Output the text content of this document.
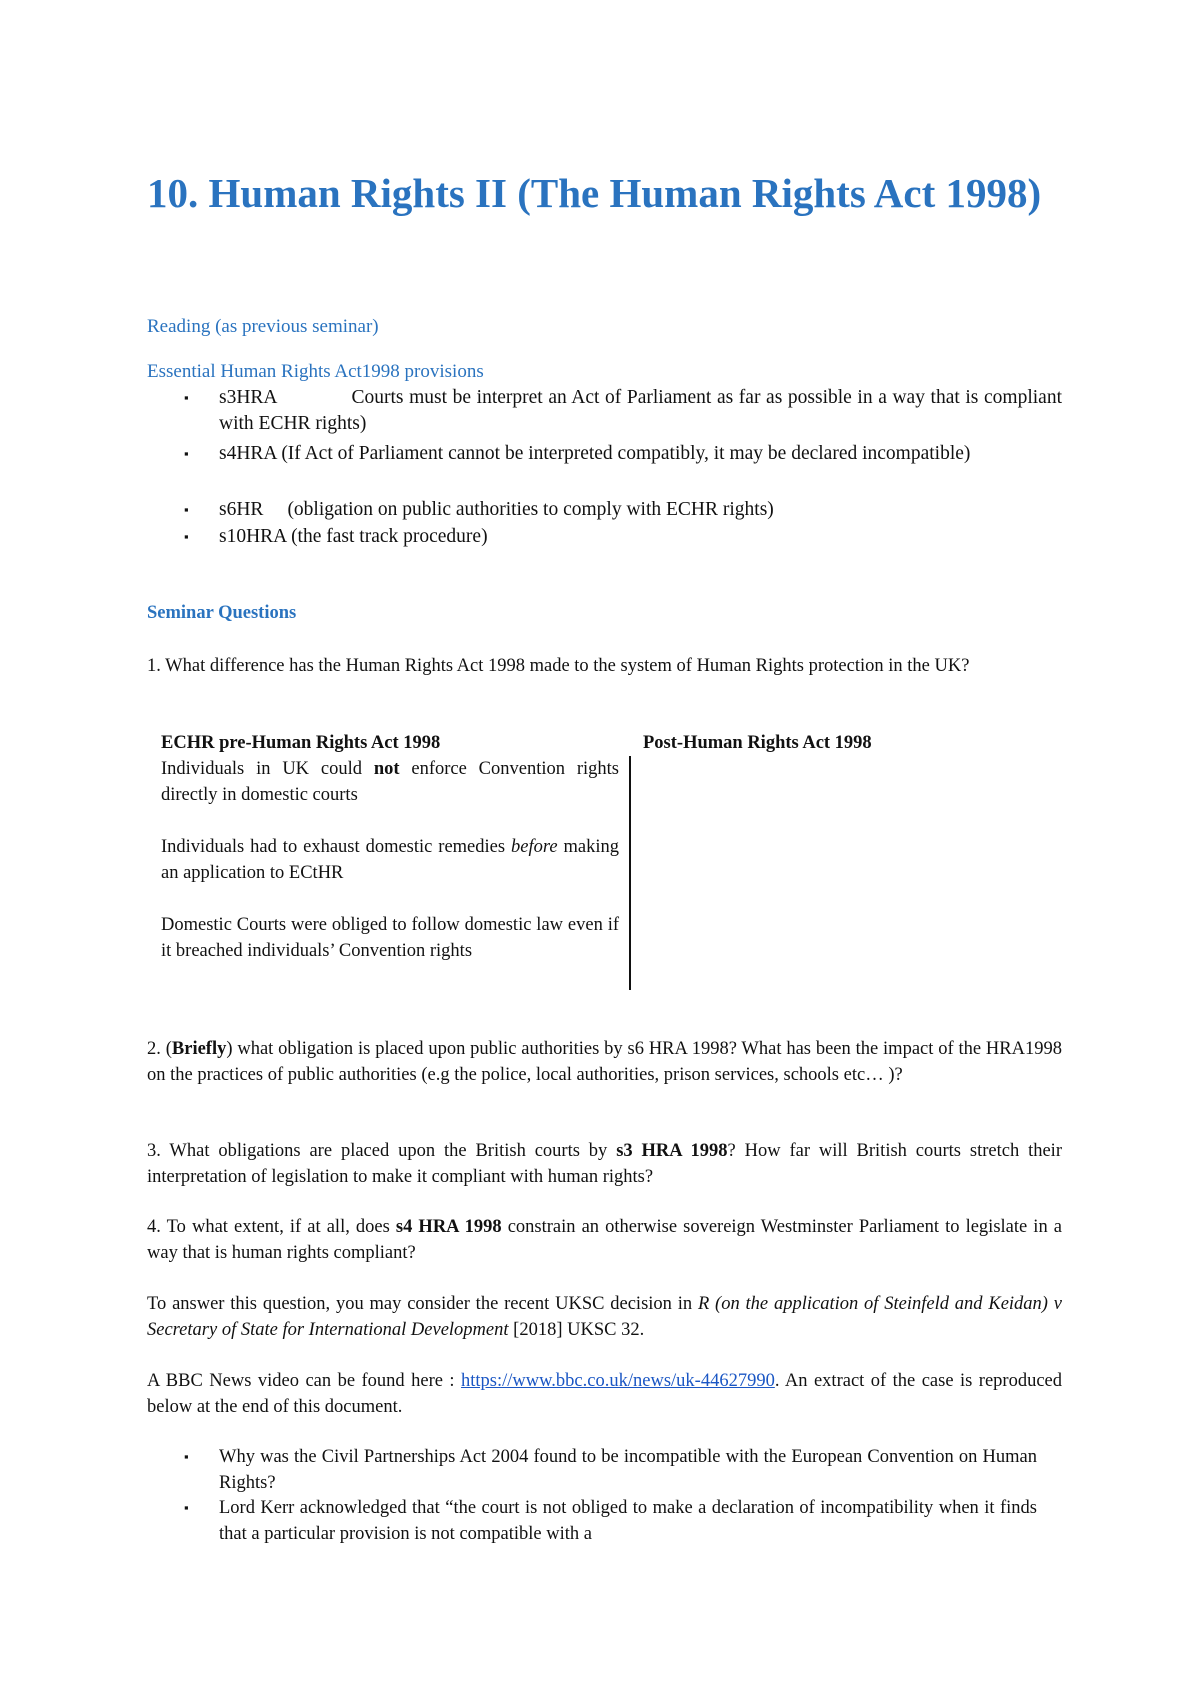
10. Human Rights II (The Human Rights Act 1998)
Reading (as previous seminar)
Essential Human Rights Act1998 provisions
▪ s3HRA	Courts must be interpret an Act of Parliament as far as possible in a way that is compliant with ECHR rights)
▪ s4HRA (If Act of Parliament cannot be interpreted compatibly, it may be declared incompatible)
▪ s6HR (obligation on public authorities to comply with ECHR rights)
▪ s10HRA (the fast track procedure)
Seminar Questions
1. What difference has the Human Rights Act 1998 made to the system of Human Rights protection in the UK?
ECHR pre-Human Rights Act 1998
Individuals in UK could not enforce Convention rights directly in domestic courts
Individuals had to exhaust domestic remedies before making an application to ECtHR
Domestic Courts were obliged to follow domestic law even if it breached individuals’ Convention rights
Post-Human Rights Act 1998
2. (Briefly) what obligation is placed upon public authorities by s6 HRA 1998? What has been the impact of the HRA1998 on the practices of public authorities (e.g the police, local authorities, prison services, schools etc… )?
3. What obligations are placed upon the British courts by s3 HRA 1998? How far will British courts stretch their interpretation of legislation to make it compliant with human rights?
4. To what extent, if at all, does s4 HRA 1998 constrain an otherwise sovereign Westminster Parliament to legislate in a way that is human rights compliant?
To answer this question, you may consider the recent UKSC decision in R (on the application of Steinfeld and Keidan) v Secretary of State for International Development [2018] UKSC 32.
A BBC News video can be found here : https://www.bbc.co.uk/news/uk-44627990. An extract of the case is reproduced below at the end of this document.
▪ Why was the Civil Partnerships Act 2004 found to be incompatible with the European Convention on Human Rights?
▪ Lord Kerr acknowledged that “the court is not obliged to make a declaration of incompatibility when it finds that a particular provision is not compatible with a
